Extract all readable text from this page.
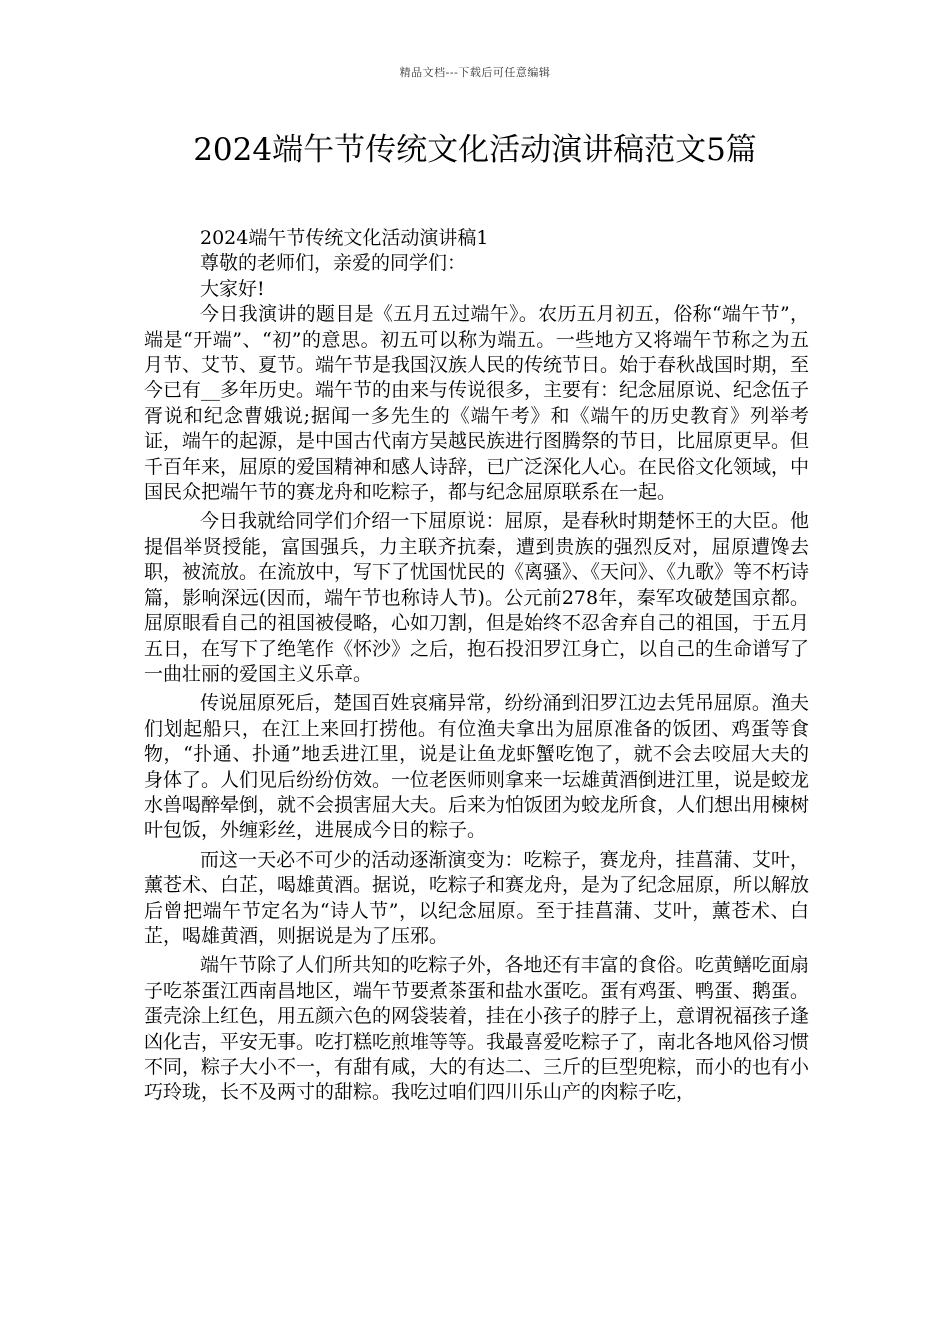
精品文档---下载后可任意编辑
2024端午节传统文化活动演讲稿范文5篇

2024端午节传统文化活动演讲稿1

尊敬的老师们，亲爱的同学们：

大家好!

今日我演讲的题目是《五月五过端午》。农历五月初五，俗称“端午节”，端是“开端”、“初”的意思。初五可以称为端五。一些地方又将端午节称之为五月节、艾节、夏节。端午节是我国汉族人民的传统节日。始于春秋战国时期，至今已有__多年历史。端午节的由来与传说很多，主要有：纪念屈原说、纪念伍子胥说和纪念曹娥说;据闻一多先生的《端午考》和《端午的历史教育》列举考证，端午的起源，是中国古代南方吴越民族进行图腾祭的节日，比屈原更早。但千百年来，屈原的爱国精神和感人诗辞，已广泛深化人心。在民俗文化领域，中国民众把端午节的赛龙舟和吃粽子，都与纪念屈原联系在一起。

今日我就给同学们介绍一下屈原说：屈原，是春秋时期楚怀王的大臣。他提倡举贤授能，富国强兵，力主联齐抗秦，遭到贵族的强烈反对，屈原遭馋去职，被流放。在流放中，写下了忧国忧民的《离骚》、《天问》、《九歌》等不朽诗篇，影响深远(因而，端午节也称诗人节)。公元前278年，秦军攻破楚国京都。屈原眼看自己的祖国被侵略，心如刀割，但是始终不忍舍弃自己的祖国，于五月五日，在写下了绝笔作《怀沙》之后，抱石投汨罗江身亡，以自己的生命谱写了一曲壮丽的爱国主义乐章。

传说屈原死后，楚国百姓哀痛异常，纷纷涌到汨罗江边去凭吊屈原。渔夫们划起船只，在江上来回打捞他。有位渔夫拿出为屈原准备的饭团、鸡蛋等食物，“扑通、扑通”地丢进江里，说是让鱼龙虾蟹吃饱了，就不会去咬屈大夫的身体了。人们见后纷纷仿效。一位老医师则拿来一坛雄黄酒倒进江里，说是蛟龙水兽喝醉晕倒，就不会损害屈大夫。后来为怕饭团为蛟龙所食，人们想出用楝树叶包饭，外缠彩丝，进展成今日的粽子。

而这一天必不可少的活动逐渐演变为：吃粽子，赛龙舟，挂菖蒲、艾叶，薰苍术、白芷，喝雄黄酒。据说，吃粽子和赛龙舟，是为了纪念屈原，所以解放后曾把端午节定名为“诗人节”，以纪念屈原。至于挂菖蒲、艾叶，薰苍术、白芷，喝雄黄酒，则据说是为了压邪。

端午节除了人们所共知的吃粽子外，各地还有丰富的食俗。吃黄鳝吃面扇子吃茶蛋江西南昌地区，端午节要煮茶蛋和盐水蛋吃。蛋有鸡蛋、鸭蛋、鹅蛋。蛋壳涂上红色，用五颜六色的网袋装着，挂在小孩子的脖子上，意谓祝福孩子逢凶化吉，平安无事。吃打糕吃煎堆等等。我最喜爱吃粽子了，南北各地风俗习惯不同，粽子大小不一，有甜有咸，大的有达二、三斤的巨型兜粽，而小的也有小巧玲珑，长不及两寸的甜粽。我吃过咱们四川乐山产的肉粽子吃，
